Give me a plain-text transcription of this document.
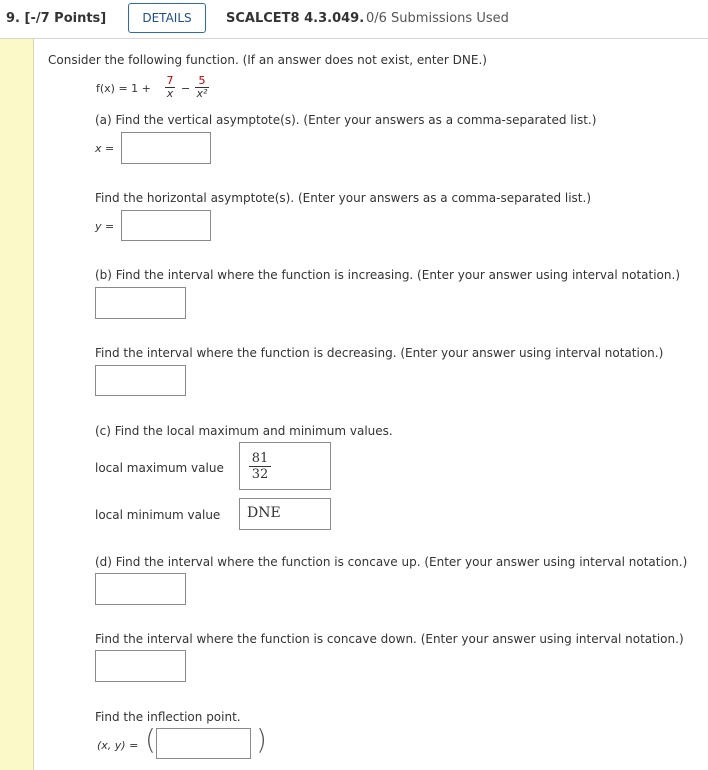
9. [-/7 Points]	DETAILS	SCALCET8 4.3.049. 0/6 Submissions Used
Consider the following function. (If an answer does not exist, enter DNE.)
f(x) = 1 +
7
x −
5
x²
(a) Find the vertical asymptote(s). (Enter your answers as a comma-separated list.)
x =
Find the horizontal asymptote(s). (Enter your answers as a comma-separated list.)
y =
(b) Find the interval where the function is increasing. (Enter your answer using interval notation.)
Find the interval where the function is decreasing. (Enter your answer using interval notation.)
(c) Find the local maximum and minimum values.
local maximum value
81
32
local minimum value	DNE
(d) Find the interval where the function is concave up. (Enter your answer using interval notation.)
Find the interval where the function is concave down. (Enter your answer using interval notation.)
Find the inflection point.
(x, y) = (	)
